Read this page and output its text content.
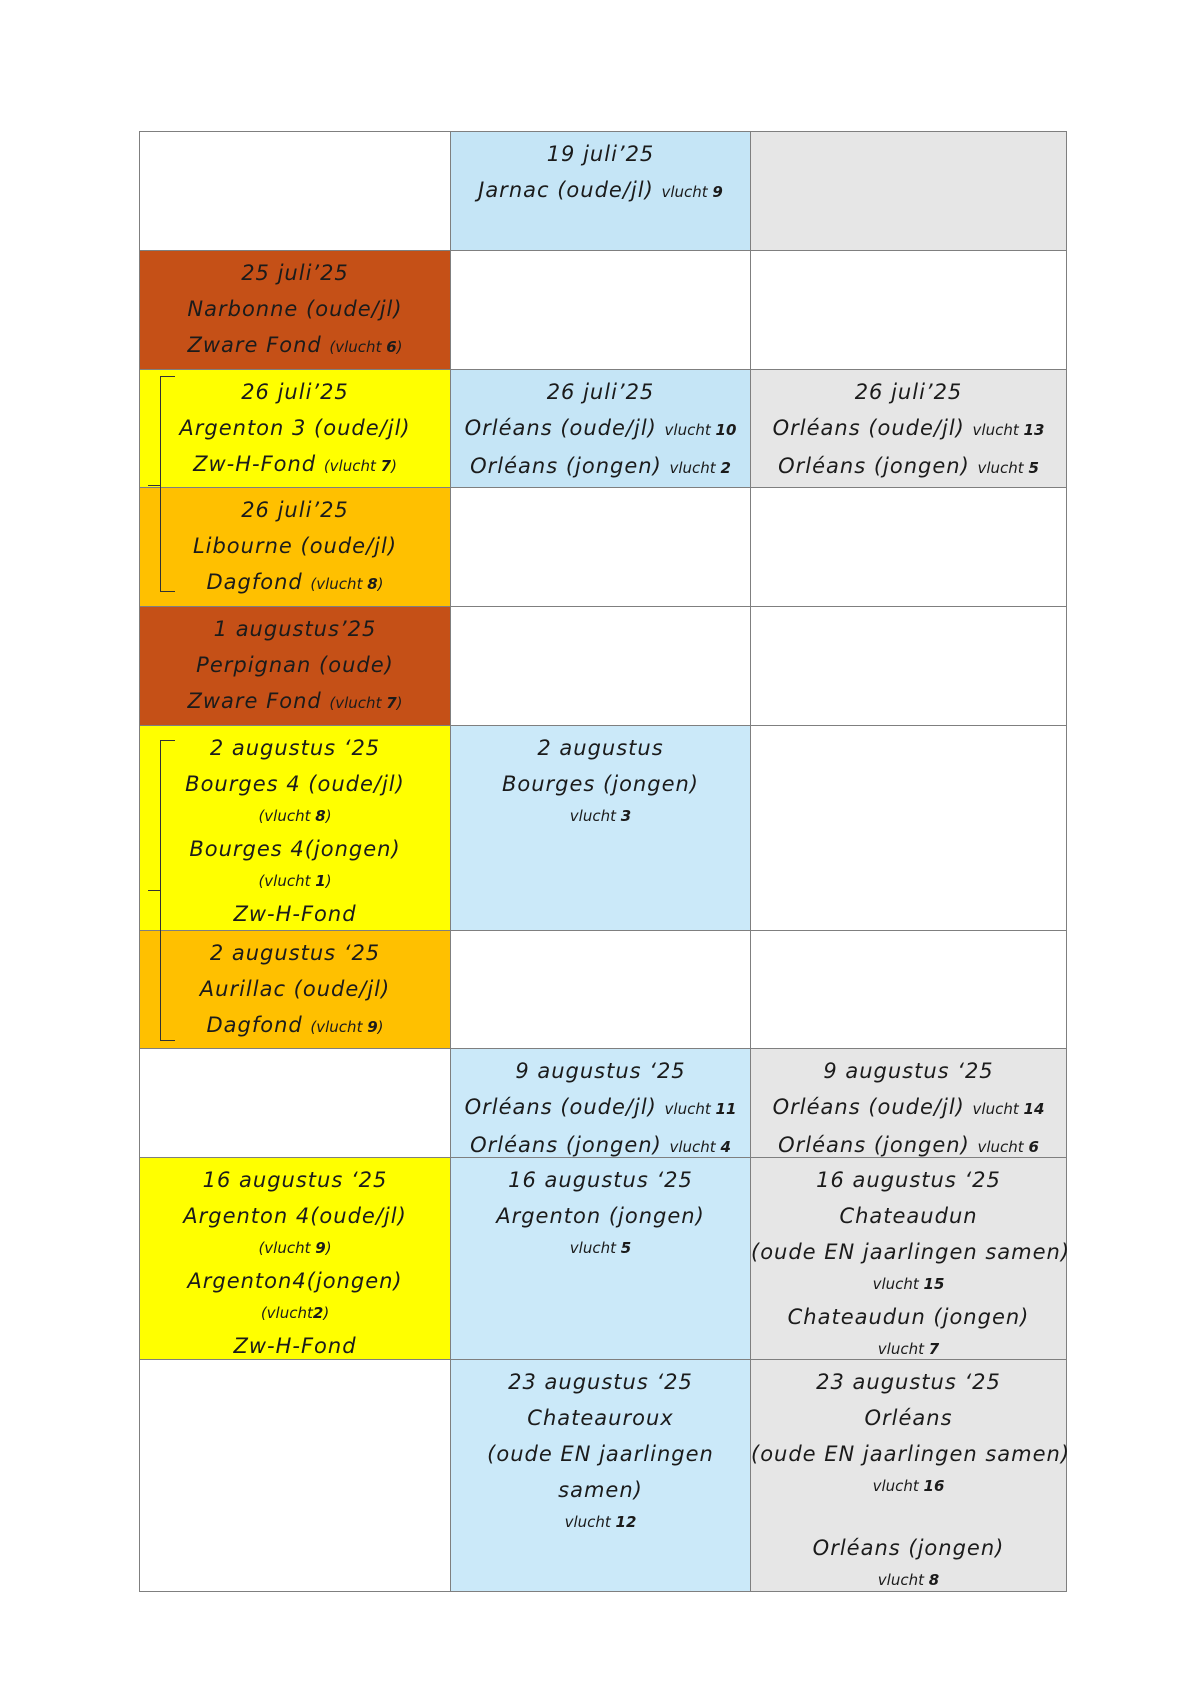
19 juli’25
Jarnac (oude/jl) vlucht 9
25 juli’25
Narbonne (oude/jl)
Zware Fond (vlucht 6)
26 juli’25
Argenton 3 (oude/jl)
Zw-H-Fond (vlucht 7)
26 juli’25
Orléans (oude/jl) vlucht 10
Orléans (jongen) vlucht 2
26 juli’25
Orléans (oude/jl) vlucht 13
Orléans (jongen) vlucht 5
26 juli’25
Libourne (oude/jl)
Dagfond (vlucht 8)
1 augustus’25
Perpignan (oude)
Zware Fond (vlucht 7)
2 augustus ‘25
Bourges 4 (oude/jl)
(vlucht 8)
Bourges 4(jongen)
(vlucht 1)
Zw-H-Fond
2 augustus
Bourges (jongen)
vlucht 3
2 augustus ‘25
Aurillac (oude/jl)
Dagfond (vlucht 9)
9 augustus ‘25
Orléans (oude/jl) vlucht 11
Orléans (jongen) vlucht 4
9 augustus ‘25
Orléans (oude/jl) vlucht 14
Orléans (jongen) vlucht 6
16 augustus ‘25
Argenton 4(oude/jl)
(vlucht 9)
Argenton4(jongen)
(vlucht2)
Zw-H-Fond
16 augustus ‘25
Argenton (jongen)
vlucht 5
16 augustus ‘25
Chateaudun
(oude EN jaarlingen samen)
vlucht 15
Chateaudun (jongen)
vlucht 7
23 augustus ‘25
Chateauroux
(oude EN jaarlingen
samen)
vlucht 12
23 augustus ‘25
Orléans
(oude EN jaarlingen samen)
vlucht 16
Orléans (jongen)
vlucht 8
